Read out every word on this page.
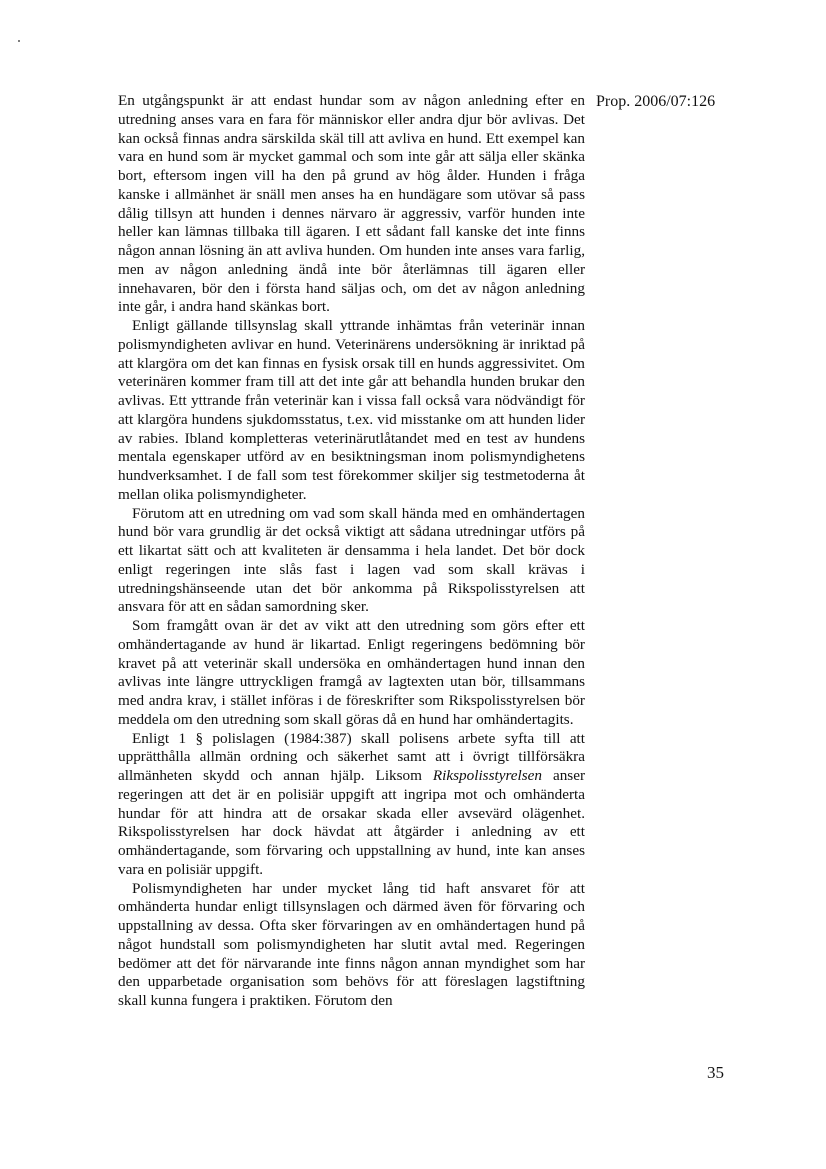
Prop. 2006/07:126

En utgångspunkt är att endast hundar som av någon anledning efter en utredning anses vara en fara för människor eller andra djur bör avlivas. Det kan också finnas andra särskilda skäl till att avliva en hund. Ett exempel kan vara en hund som är mycket gammal och som inte går att sälja eller skänka bort, eftersom ingen vill ha den på grund av hög ålder. Hunden i fråga kanske i allmänhet är snäll men anses ha en hundägare som utövar så pass dålig tillsyn att hunden i dennes närvaro är aggressiv, varför hunden inte heller kan lämnas tillbaka till ägaren. I ett sådant fall kanske det inte finns någon annan lösning än att avliva hunden. Om hunden inte anses vara farlig, men av någon anledning ändå inte bör återlämnas till ägaren eller innehavaren, bör den i första hand säljas och, om det av någon anledning inte går, i andra hand skänkas bort.

Enligt gällande tillsynslag skall yttrande inhämtas från veterinär innan polismyndigheten avlivar en hund. Veterinärens undersökning är inriktad på att klargöra om det kan finnas en fysisk orsak till en hunds aggressivitet. Om veterinären kommer fram till att det inte går att behandla hunden brukar den avlivas. Ett yttrande från veterinär kan i vissa fall också vara nödvändigt för att klargöra hundens sjukdomsstatus, t.ex. vid misstanke om att hunden lider av rabies. Ibland kompletteras veterinärutlåtandet med en test av hundens mentala egenskaper utförd av en besiktningsman inom polismyndighetens hundverksamhet. I de fall som test förekommer skiljer sig testmetoderna åt mellan olika polismyndigheter.

Förutom att en utredning om vad som skall hända med en omhändertagen hund bör vara grundlig är det också viktigt att sådana utredningar utförs på ett likartat sätt och att kvaliteten är densamma i hela landet. Det bör dock enligt regeringen inte slås fast i lagen vad som skall krävas i utredningshänseende utan det bör ankomma på Rikspolisstyrelsen att ansvara för att en sådan samordning sker.

Som framgått ovan är det av vikt att den utredning som görs efter ett omhändertagande av hund är likartad. Enligt regeringens bedömning bör kravet på att veterinär skall undersöka en omhändertagen hund innan den avlivas inte längre uttryckligen framgå av lagtexten utan bör, tillsammans med andra krav, i stället införas i de föreskrifter som Rikspolisstyrelsen bör meddela om den utredning som skall göras då en hund har omhändertagits.

Enligt 1 § polislagen (1984:387) skall polisens arbete syfta till att upprätthålla allmän ordning och säkerhet samt att i övrigt tillförsäkra allmänheten skydd och annan hjälp. Liksom Rikspolisstyrelsen anser regeringen att det är en polisiär uppgift att ingripa mot och omhänderta hundar för att hindra att de orsakar skada eller avsevärd olägenhet. Rikspolisstyrelsen har dock hävdat att åtgärder i anledning av ett omhändertagande, som förvaring och uppstallning av hund, inte kan anses vara en polisiär uppgift.

Polismyndigheten har under mycket lång tid haft ansvaret för att omhänderta hundar enligt tillsynslagen och därmed även för förvaring och uppstallning av dessa. Ofta sker förvaringen av en omhändertagen hund på något hundstall som polismyndigheten har slutit avtal med. Regeringen bedömer att det för närvarande inte finns någon annan myndighet som har den upparbetade organisation som behövs för att föreslagen lagstiftning skall kunna fungera i praktiken. Förutom den

35
